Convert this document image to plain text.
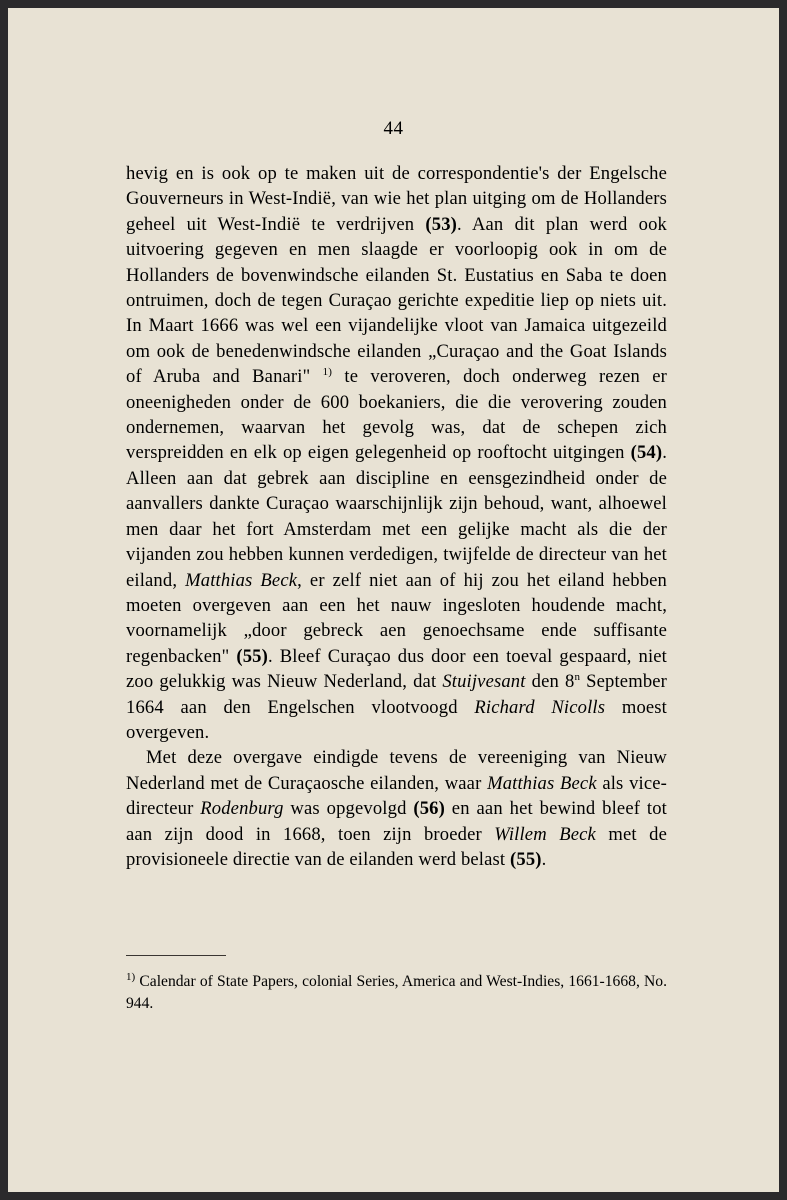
44

hevig en is ook op te maken uit de correspondentie's der Engelsche Gouverneurs in West-Indië, van wie het plan uitging om de Hollanders geheel uit West-Indië te verdrijven (53). Aan dit plan werd ook uitvoering gegeven en men slaagde er voorloopig ook in om de Hollanders de bovenwindsche eilanden St. Eustatius en Saba te doen ontruimen, doch de tegen Curaçao gerichte expeditie liep op niets uit. In Maart 1666 was wel een vijandelijke vloot van Jamaica uitgezeild om ook de benedenwindsche eilanden „Curaçao and the Goat Islands of Aruba and Banari" $^{1)}$ te veroveren, doch onderweg rezen er oneenigheden onder de 600 boekaniers, die die verovering zouden ondernemen, waarvan het gevolg was, dat de schepen zich verspreidden en elk op eigen gelegenheid op rooftocht uitgingen (54). Alleen aan dat gebrek aan discipline en eensgezindheid onder de aanvallers dankte Curaçao waarschijnlijk zijn behoud, want, alhoewel men daar het fort Amsterdam met een gelijke macht als die der vijanden zou hebben kunnen verdedigen, twijfelde de directeur van het eiland, Matthias Beck, er zelf niet aan of hij zou het eiland hebben moeten overgeven aan een het nauw ingesloten houdende macht, voornamelijk „door gebreck aen genoechsame ende suffisante regenbacken" (55). Bleef Curaçao dus door een toeval gespaard, niet zoo gelukkig was Nieuw Nederland, dat Stuijvesant den 8$^n$ September 1664 aan den Engelschen vlootvoogd Richard Nicolls moest overgeven.

Met deze overgave eindigde tevens de vereeniging van Nieuw Nederland met de Curaçaosche eilanden, waar Matthias Beck als vice-directeur Rodenburg was opgevolgd (56) en aan het bewind bleef tot aan zijn dood in 1668, toen zijn broeder Willem Beck met de provisioneele directie van de eilanden werd belast (55).

$^{1)}$ Calendar of State Papers, colonial Series, America and West-Indies, 1661-1668, No. 944.
